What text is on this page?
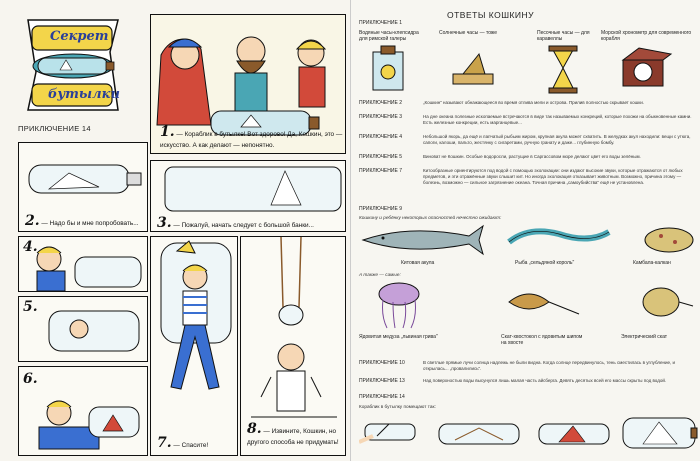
Секрет
бутылки
ПРИКЛЮЧЕНИЕ 14	1. — Кораблик в бутылке! Вот здорово! Да, Кошкин, это — искусство. А как делают — непонятно.
2. — Надо бы и мне попробовать...	3. — Пожалуй, начать следует с большой банки...
4.
5.
6.
7. — Спасите!
8. — Извините, Кошкин, но другого способа не придумать!
ОТВЕТЫ КОШКИНУ
ПРИКЛЮЧЕНИЕ 1
Водяные часы-клепсидра для римской галеры
Солнечные часы — тоже	Песочные часы — для каравеллы
Морской хронометр для современного корабля
ПРИКЛЮЧЕНИЕ 2	„Кошкин" называют обнажающееся во время отлива мели и острова. Прилив полностью скрывает кошки.
ПРИКЛЮЧЕНИЕ 3	На дне океана полезные ископаемые встречаются в виде так называемых конкреций, которые похожи на обыкновенные камни. Есть железные конкреции, есть марганцевые...
ПРИКЛЮЧЕНИЕ 4	Небольшой якорь, да ещё и лапчатый рыбьим жиром, крупная акула может схватить. В желудках акул находили: вещи с утюга, сапоги, калоши, пальто, жестянку с сигаретами, ручную гранату и даже... глубинную бомбу.
ПРИКЛЮЧЕНИЕ 5	Виноват не Кошкин. Особые водоросли, растущие в Саргассовом море делают цвет его воды зелёным.
ПРИКЛЮЧЕНИЕ 7	Китообразные ориентируются под водой с помощью эхолокации: они издают высокие звуки, которые отражаются от любых предметов, и эти отражённые звуки слышит кит. Но иногда эхолокация отказывает животным. Возможно, причина этому — болезнь, возможно — сильное загрязнение океана. Точная причина „самоубийства" ещё не установлена.
ПРИКЛЮЧЕНИЕ 9
Кошкину и ребёнку некоторых опасностей нечестно ожидают:
Китовая акула	Рыба „сельдяной король"	Камбала-калкан
А также — самые:
Ядовитая медуза „львиная грива"	Скат-хвостокол с ядовитым шипом на хвосте
Электрический скат
ПРИКЛЮЧЕНИЕ 10	В светлые прямые лучи солнца надлежь не были видна. Когда солнце передвинулось, тень сместилась в углубление, и открылась... „провалились".
ПРИКЛЮЧЕНИЕ 13	Над поверхностью воды высунулся лишь малая часть айсберга. Девять десятых всей его массы скрыты под водой.
ПРИКЛЮЧЕНИЕ 14
Кораблик в бутылку помещают так:
